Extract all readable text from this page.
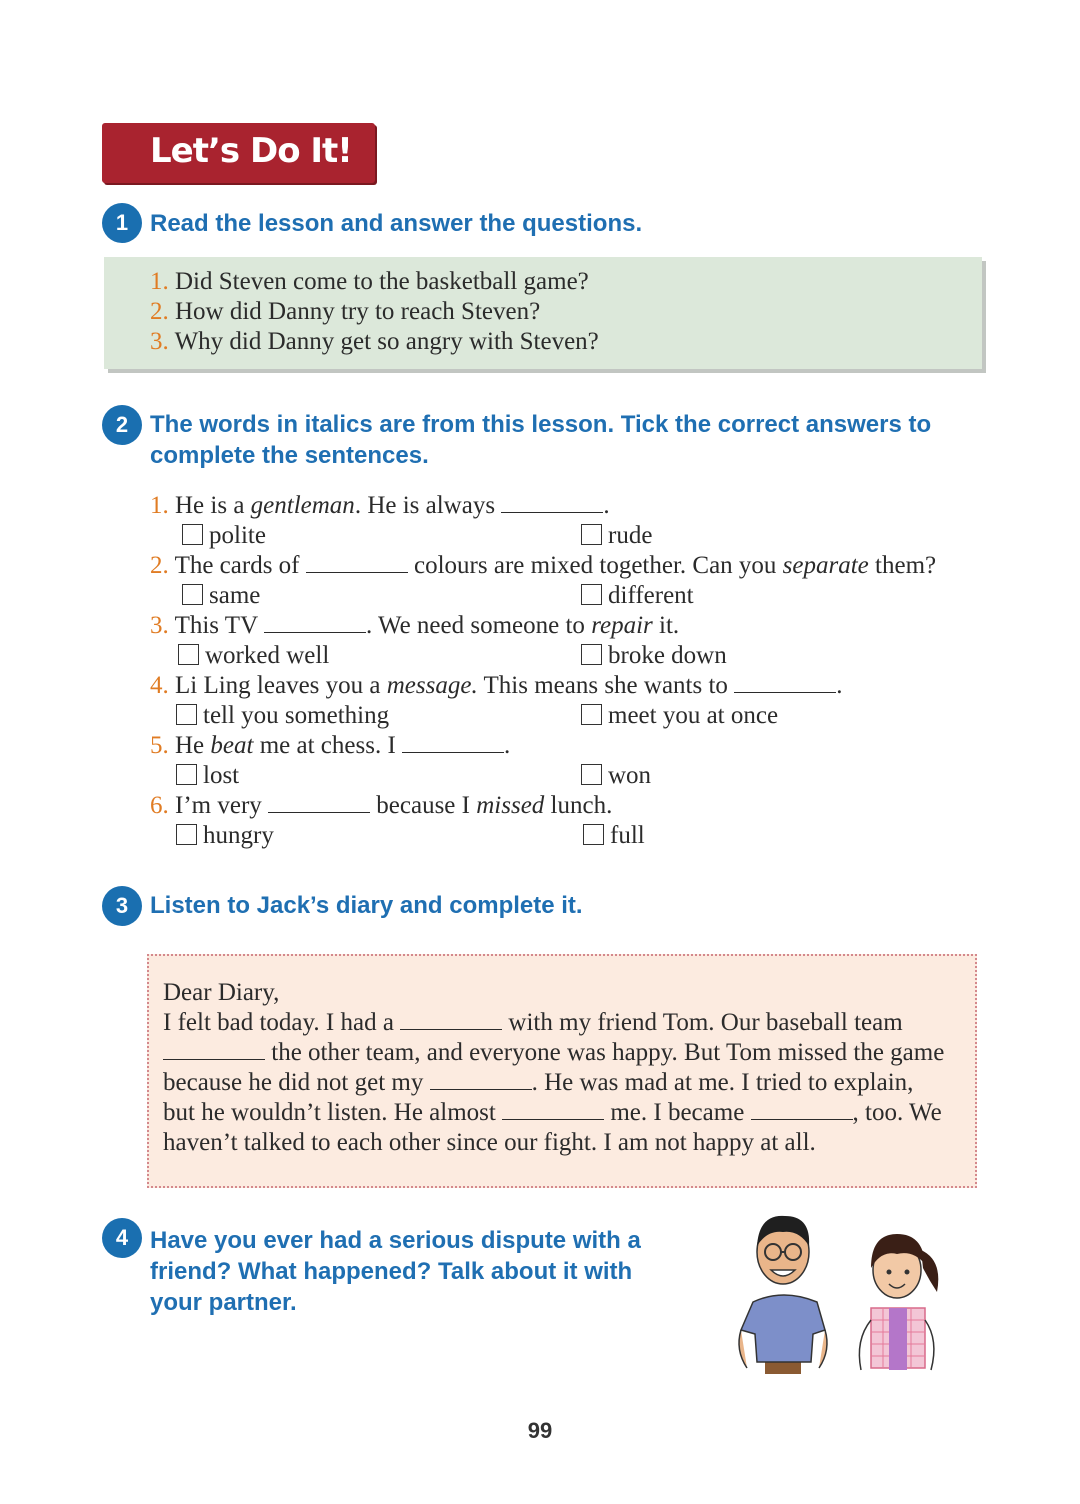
Let’s Do It!
1 Read the lesson and answer the questions.
1. Did Steven come to the basketball game?
2. How did Danny try to reach Steven?
3. Why did Danny get so angry with Steven?
2 The words in italics are from this lesson. Tick the correct answers to
complete the sentences.
1. He is a gentleman. He is always	.
polite	rude
2. The cards of	colours are mixed together. Can you separate them?
same	different
3. This TV	. We need someone to repair it.
worked well	broke down
4. Li Ling leaves you a message. This means she wants to	.
tell you something	meet you at once
5. He beat me at chess. I	.
lost	won
6. I’m very	because I missed lunch.
hungry	full
3 Listen to Jack’s diary and complete it.
Dear Diary,
I felt bad today. I had a	with my friend Tom. Our baseball team
the other team, and everyone was happy. But Tom missed the game
because he did not get my	. He was mad at me. I tried to explain,
but he wouldn’t listen. He almost	me. I became	, too. We
haven’t talked to each other since our fight. I am not happy at all.
4 Have you ever had a serious dispute with a
friend? What happened? Talk about it with
your partner.
99
